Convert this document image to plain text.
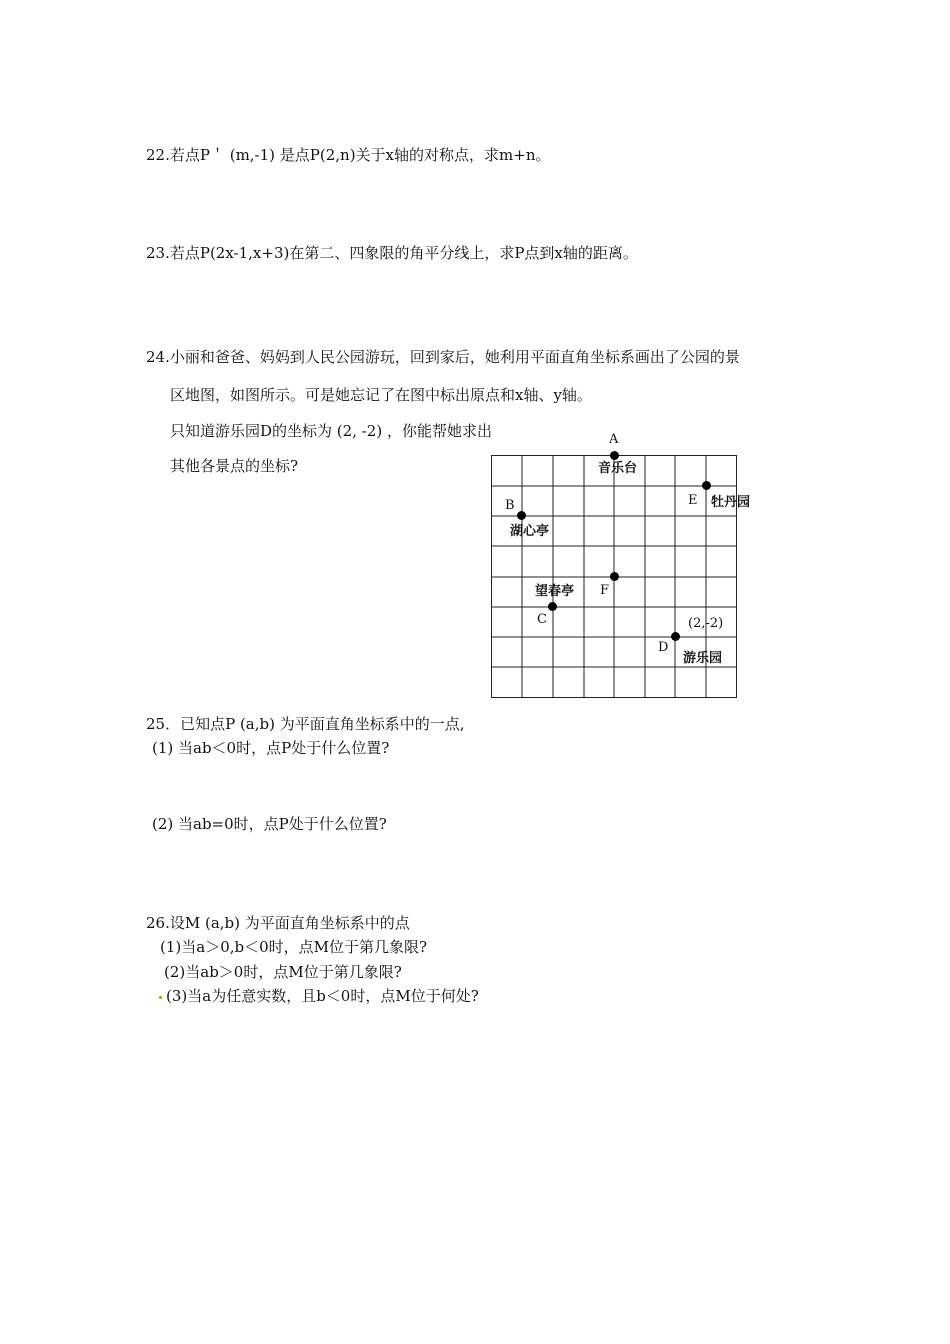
22.若点P＇ (m,-1) 是点P(2,n)关于x轴的对称点，求m+n。
23.若点P(2x-1,x+3)在第二、四象限的角平分线上，求P点到x轴的距离。
24.小丽和爸爸、妈妈到人民公园游玩，回到家后，她利用平面直角坐标系画出了公园的景
区地图，如图所示。可是她忘记了在图中标出原点和x轴、y轴。
只知道游乐园D的坐标为 (2, -2) ，你能帮她求出
其他各景点的坐标?
A
音乐台
E 牡丹园
B
湖心亭
F
望春亭
C	(2,-2)
D
游乐园
25．已知点P (a,b) 为平面直角坐标系中的一点,
(1) 当ab＜0时，点P处于什么位置?
(2) 当ab=0时，点P处于什么位置?
26.设M (a,b) 为平面直角坐标系中的点
(1)当a＞0,b＜0时，点M位于第几象限?
(2)当ab＞0时，点M位于第几象限?
(3)当a为任意实数，且b＜0时，点M位于何处?
